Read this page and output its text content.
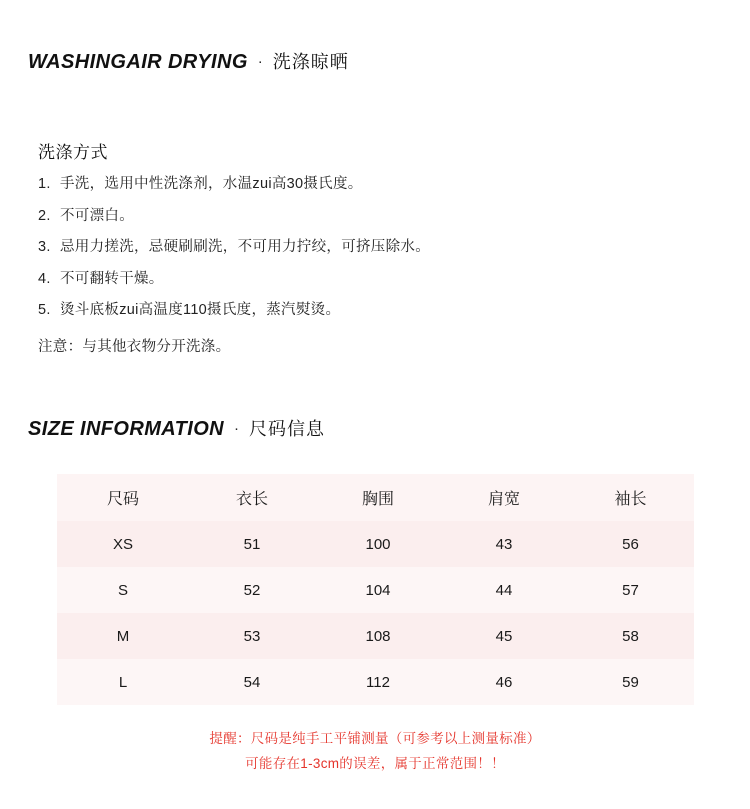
WASHINGAIR DRYING · 洗涤晾晒
洗涤方式
1. 手洗，选用中性洗涤剂，水温zui高30摄氏度。
2. 不可漂白。
3. 忌用力搓洗，忌硬刷刷洗，不可用力拧绞，可挤压除水。
4. 不可翻转干燥。
5. 烫斗底板zui高温度110摄氏度，蒸汽熨烫。
注意：与其他衣物分开洗涤。
SIZE INFORMATION · 尺码信息
尺码	衣长	胸围	肩宽	袖长
XS	51	100	43	56
S	52	104	44	57
M	53	108	45	58
L	54	112	46	59
提醒：尺码是纯手工平铺测量（可参考以上测量标准）
可能存在1-3cm的误差，属于正常范围！！
